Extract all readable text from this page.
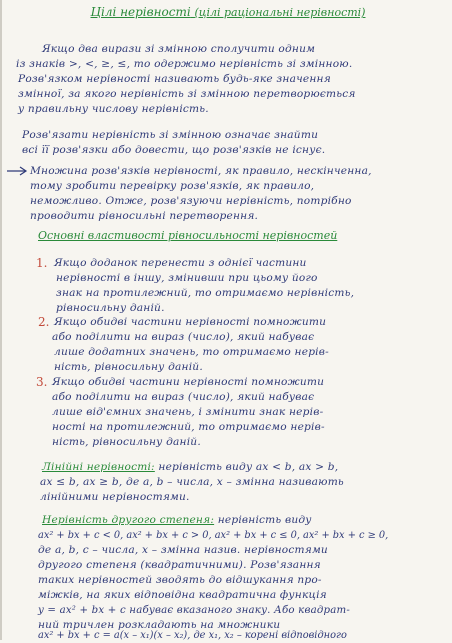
Цілі нерівності (цілі раціональні нерівності)
Якщо два вирази зі змінною сполучити одним
із знаків >, <, ≥, ≤, то одержимо нерівність зі змінною.
Розв'язком нерівності називають будь-яке значення
змінної, за якого нерівність зі змінною перетворюється
у правильну числову нерівність.
Розв'язати нерівність зі змінною означає знайти
всі її розв'язки або довести, що розв'язків не існує.
Множина розв'язків нерівності, як правило, нескінченна,
тому зробити перевірку розв'язків, як правило,
неможливо. Отже, розв'язуючи нерівність, потрібно
проводити рівносильні перетворення.
Основні властивості рівносильності нерівностей
1. Якщо доданок перенести з однієї частини
нерівності в іншу, змінивши при цьому його
знак на протилежний, то отримаємо нерівність,
рівносильну даній.
2. Якщо обидві частини нерівності помножити
або поділити на вираз (число), який набуває
лише додатних значень, то отримаємо нерів-
ність, рівносильну даній.
3. Якщо обидві частини нерівності помножити
або поділити на вираз (число), який набуває
лише від'ємних значень, і змінити знак нерів-
ності на протилежний, то отримаємо нерів-
ність, рівносильну даній.
Лінійні нерівності: нерівність виду ax < b, ax > b,
ax ≤ b, ax ≥ b, де a, b – числа, x – змінна називають
лінійними нерівностями.
Нерівність другого степеня: нерівність виду
ax² + bx + c < 0, ax² + bx + c > 0, ax² + bx + c ≤ 0, ax² + bx + c ≥ 0,
де a, b, c – числа, x – змінна назив. нерівностями
другого степеня (квадратичними). Розв'язання
таких нерівностей зводять до відшукання про-
міжків, на яких відповідна квадратична функція
y = ax² + bx + c набуває вказаного знаку. Або квадрат-
ний тричлен розкладають на множники
ax² + bx + c = a(x – x₁)(x – x₂), де x₁, x₂ – корені відповідного
